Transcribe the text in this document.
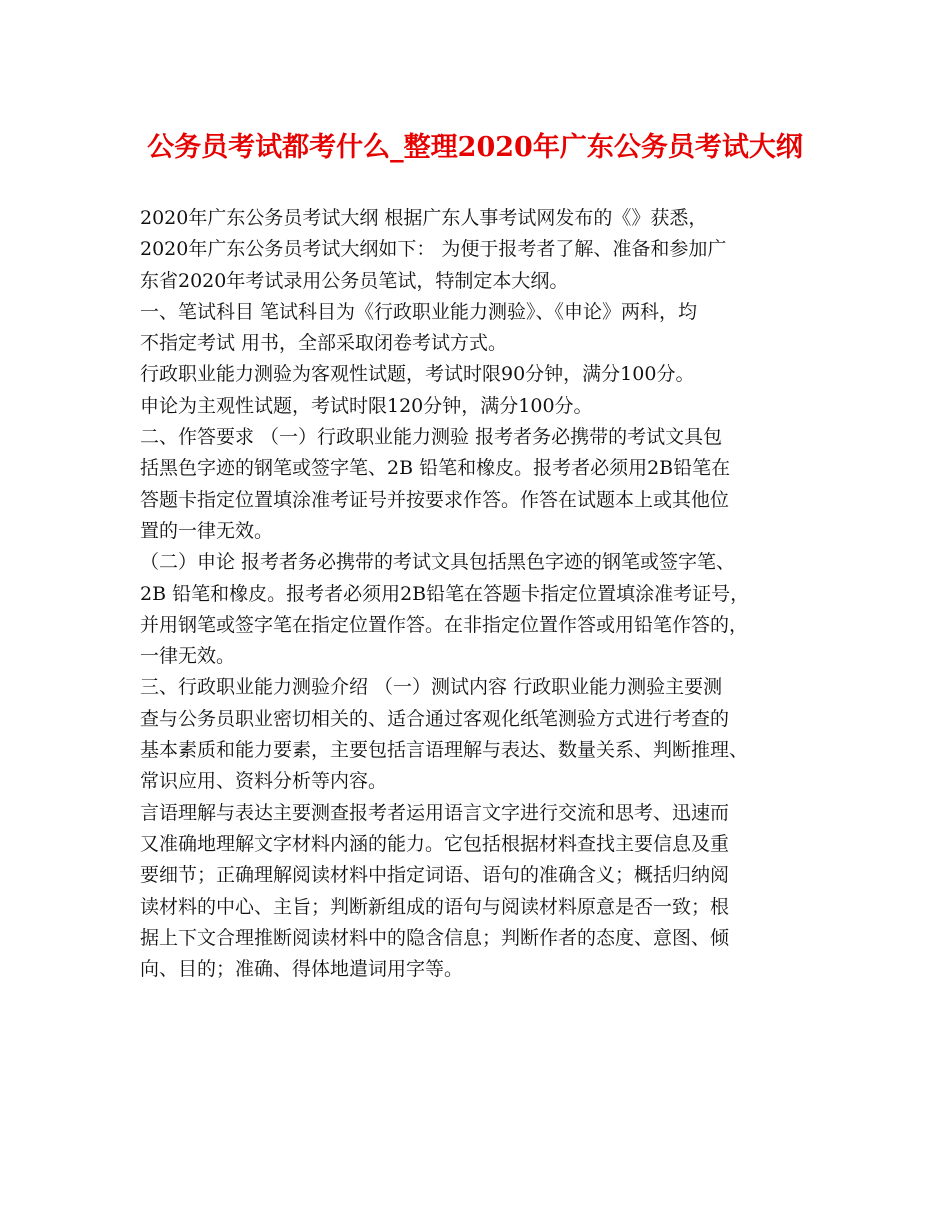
公务员考试都考什么_整理2020年广东公务员考试大纲
2020年广东公务员考试大纲 根据广东人事考试网发布的《》获悉，
2020年广东公务员考试大纲如下： 为便于报考者了解、准备和参加广
东省2020年考试录用公务员笔试，特制定本大纲。
一、笔试科目 笔试科目为《行政职业能力测验》、《申论》两科，均
不指定考试 用书，全部采取闭卷考试方式。
行政职业能力测验为客观性试题，考试时限90分钟，满分100分。
申论为主观性试题，考试时限120分钟，满分100分。
二、作答要求 （一）行政职业能力测验 报考者务必携带的考试文具包
括黑色字迹的钢笔或签字笔、2B 铅笔和橡皮。报考者必须用2B铅笔在
答题卡指定位置填涂准考证号并按要求作答。作答在试题本上或其他位
置的一律无效。
（二）申论 报考者务必携带的考试文具包括黑色字迹的钢笔或签字笔、
2B 铅笔和橡皮。报考者必须用2B铅笔在答题卡指定位置填涂准考证号，
并用钢笔或签字笔在指定位置作答。在非指定位置作答或用铅笔作答的，
一律无效。
三、行政职业能力测验介绍 （一）测试内容 行政职业能力测验主要测
查与公务员职业密切相关的、适合通过客观化纸笔测验方式进行考查的
基本素质和能力要素，主要包括言语理解与表达、数量关系、判断推理、
常识应用、资料分析等内容。
言语理解与表达主要测查报考者运用语言文字进行交流和思考、迅速而
又准确地理解文字材料内涵的能力。它包括根据材料查找主要信息及重
要细节；正确理解阅读材料中指定词语、语句的准确含义；概括归纳阅
读材料的中心、主旨；判断新组成的语句与阅读材料原意是否一致；根
据上下文合理推断阅读材料中的隐含信息；判断作者的态度、意图、倾
向、目的；准确、得体地遣词用字等。
